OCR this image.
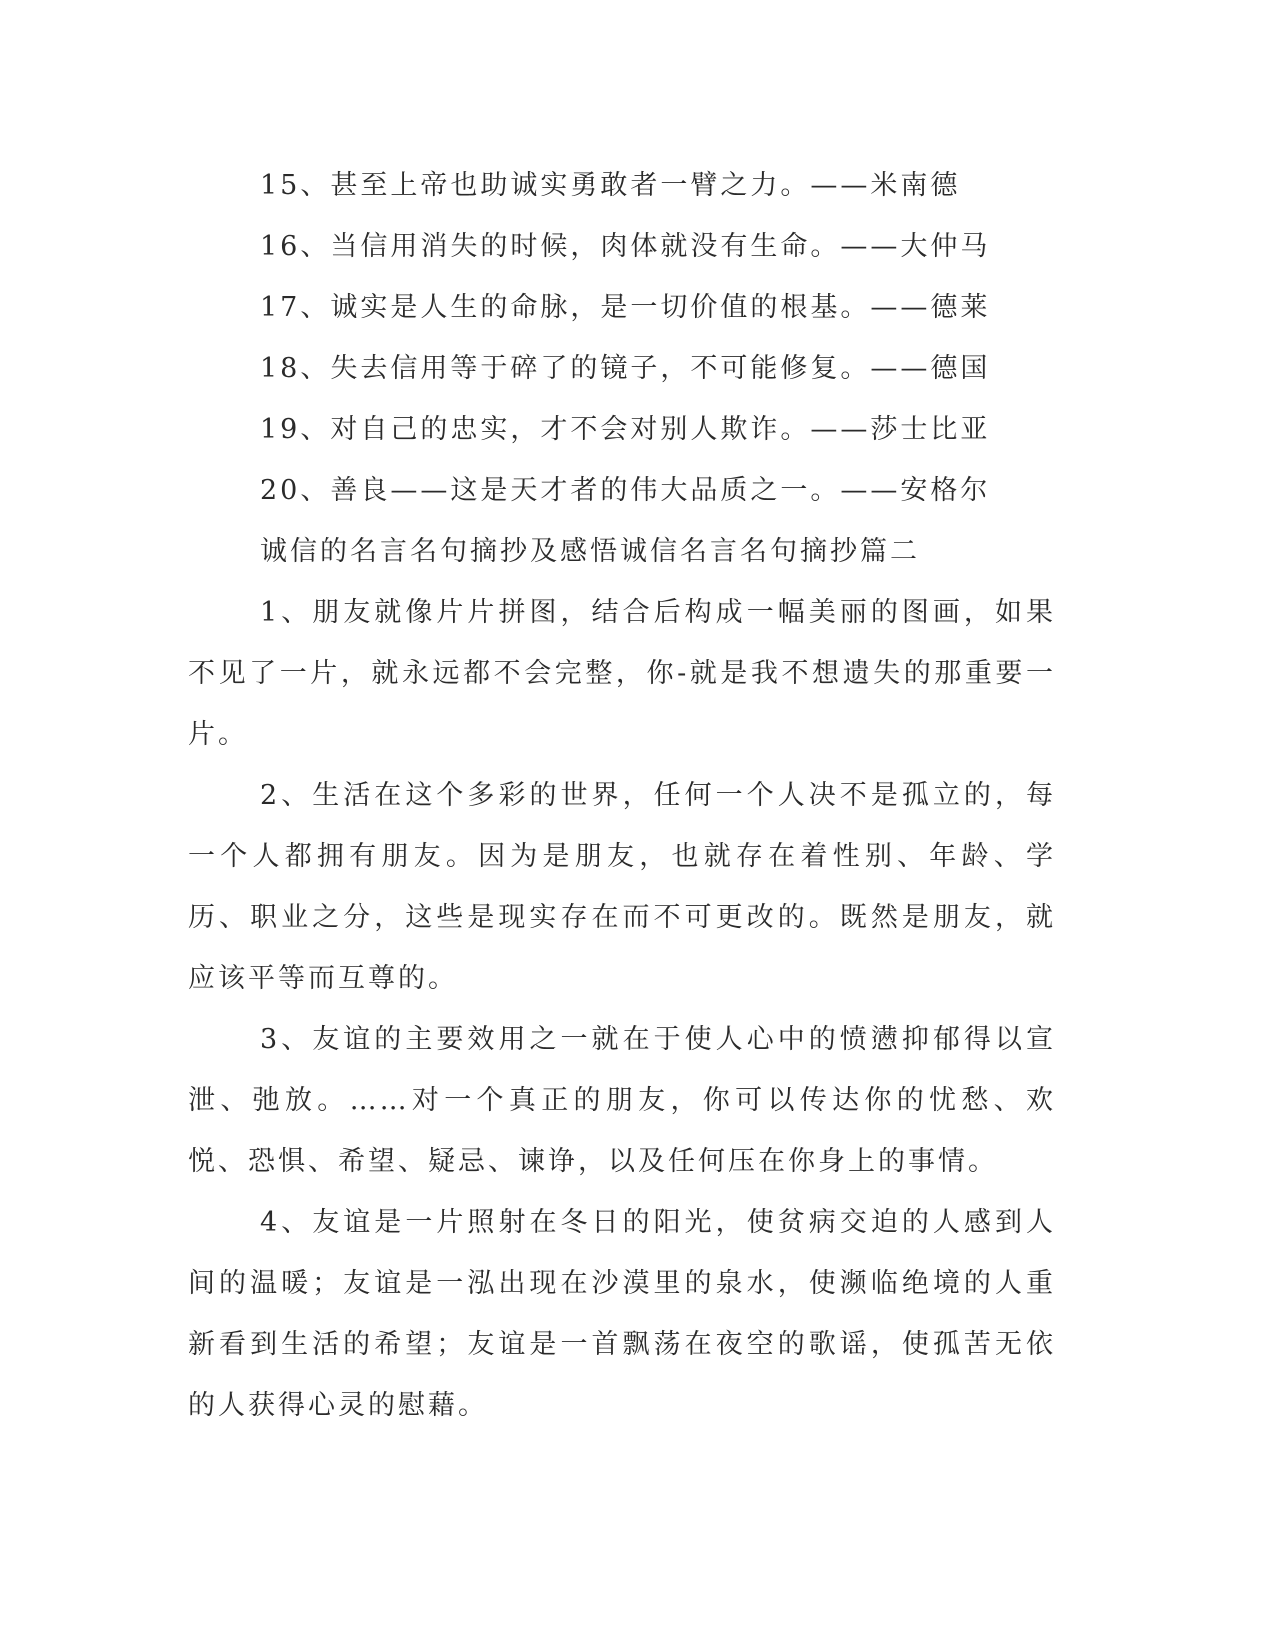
15、甚至上帝也助诚实勇敢者一臂之力。——米南德

16、当信用消失的时候，肉体就没有生命。——大仲马

17、诚实是人生的命脉，是一切价值的根基。——德莱

18、失去信用等于碎了的镜子，不可能修复。——德国

19、对自己的忠实，才不会对别人欺诈。——莎士比亚

20、善良——这是天才者的伟大品质之一。——安格尔

诚信的名言名句摘抄及感悟诚信名言名句摘抄篇二

1、朋友就像片片拼图，结合后构成一幅美丽的图画，如果不见了一片，就永远都不会完整，你-就是我不想遗失的那重要一片。

2、生活在这个多彩的世界，任何一个人决不是孤立的，每一个人都拥有朋友。因为是朋友，也就存在着性别、年龄、学历、职业之分，这些是现实存在而不可更改的。既然是朋友，就应该平等而互尊的。

3、友谊的主要效用之一就在于使人心中的愤懑抑郁得以宣泄、弛放。……对一个真正的朋友，你可以传达你的忧愁、欢悦、恐惧、希望、疑忌、谏诤，以及任何压在你身上的事情。

4、友谊是一片照射在冬日的阳光，使贫病交迫的人感到人间的温暖；友谊是一泓出现在沙漠里的泉水，使濒临绝境的人重新看到生活的希望；友谊是一首飘荡在夜空的歌谣，使孤苦无依的人获得心灵的慰藉。
